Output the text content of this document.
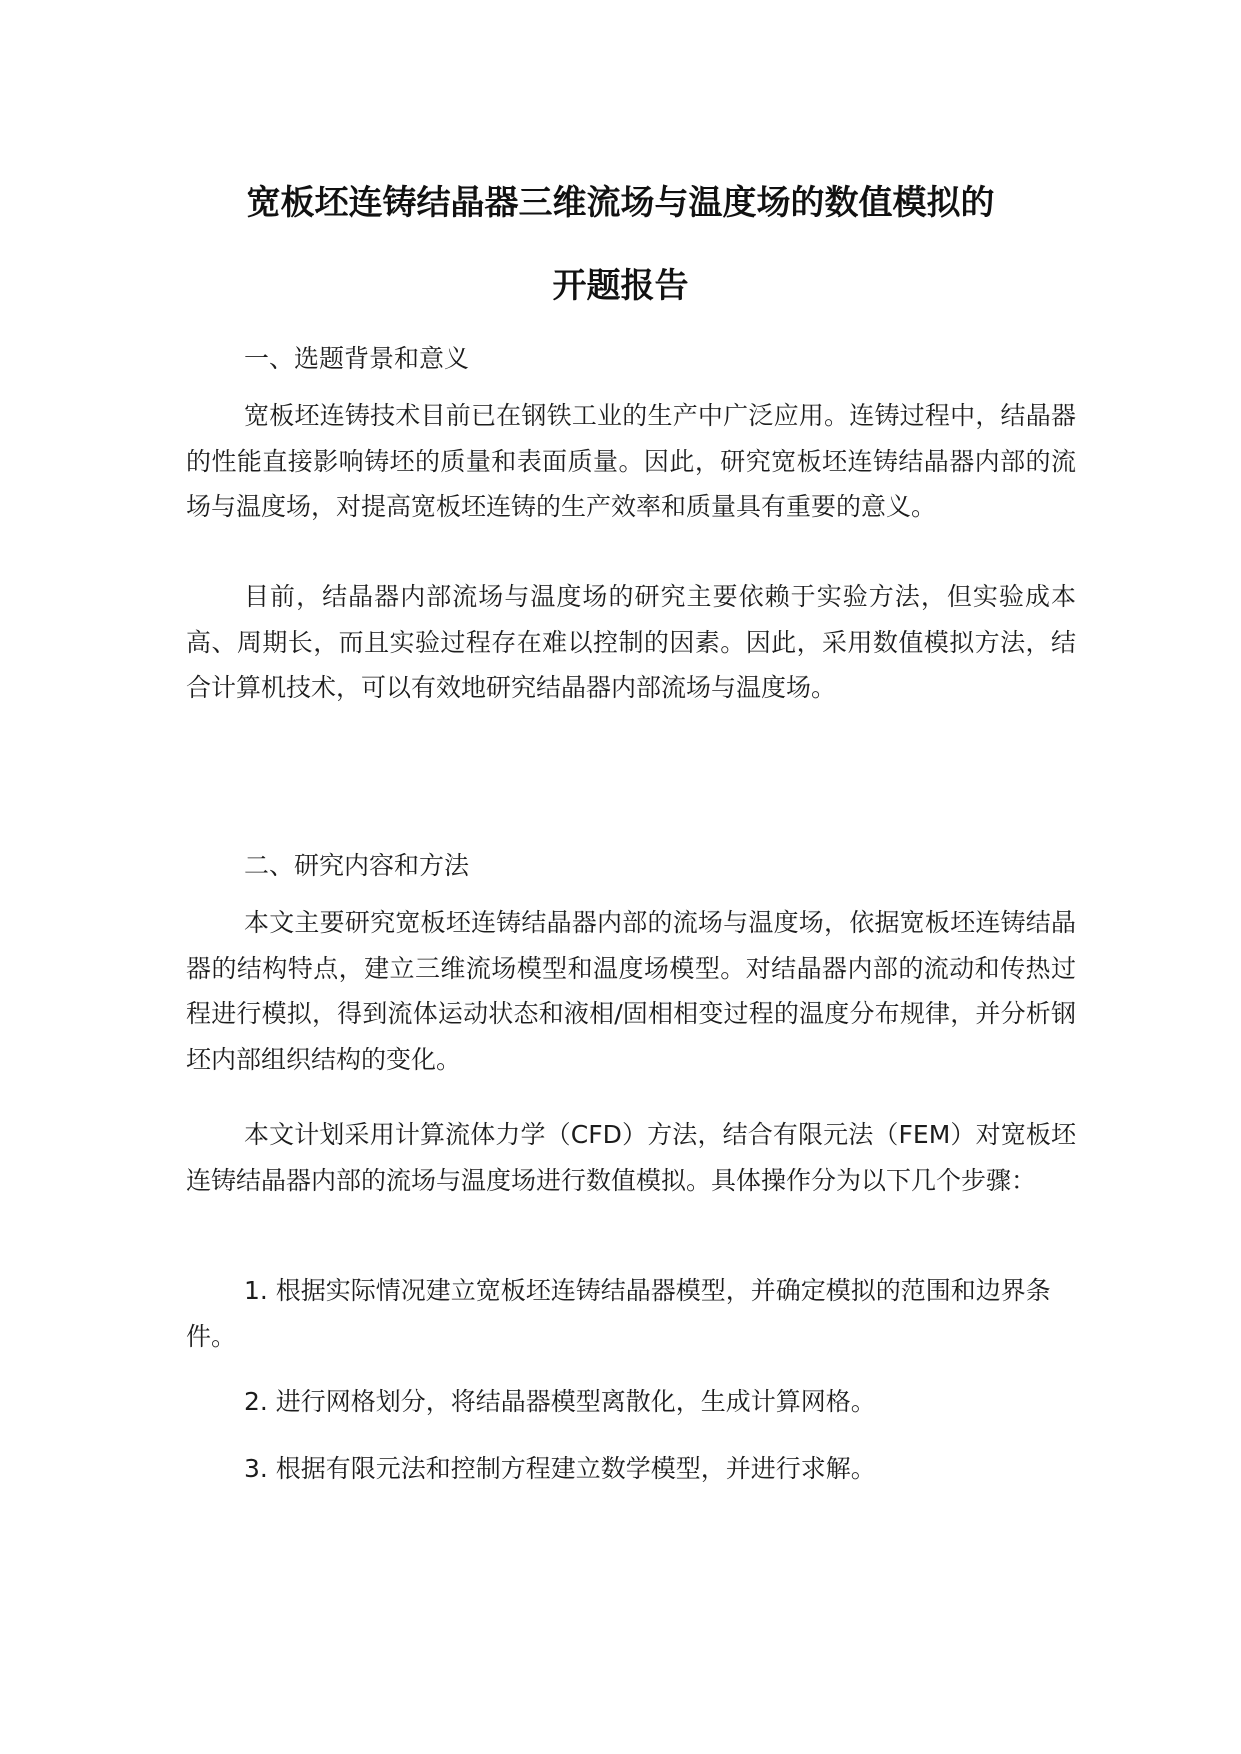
宽板坯连铸结晶器三维流场与温度场的数值模拟的
开题报告
一、选题背景和意义

宽板坯连铸技术目前已在钢铁工业的生产中广泛应用。连铸过程中，结晶器的性能直接影响铸坯的质量和表面质量。因此，研究宽板坯连铸结晶器内部的流场与温度场，对提高宽板坯连铸的生产效率和质量具有重要的意义。

目前，结晶器内部流场与温度场的研究主要依赖于实验方法，但实验成本高、周期长，而且实验过程存在难以控制的因素。因此，采用数值模拟方法，结合计算机技术，可以有效地研究结晶器内部流场与温度场。

二、研究内容和方法

本文主要研究宽板坯连铸结晶器内部的流场与温度场，依据宽板坯连铸结晶器的结构特点，建立三维流场模型和温度场模型。对结晶器内部的流动和传热过程进行模拟，得到流体运动状态和液相/固相相变过程的温度分布规律，并分析钢坯内部组织结构的变化。

本文计划采用计算流体力学（CFD）方法，结合有限元法（FEM）对宽板坯连铸结晶器内部的流场与温度场进行数值模拟。具体操作分为以下几个步骤：

1. 根据实际情况建立宽板坯连铸结晶器模型，并确定模拟的范围和边界条件。

2. 进行网格划分，将结晶器模型离散化，生成计算网格。

3. 根据有限元法和控制方程建立数学模型，并进行求解。
